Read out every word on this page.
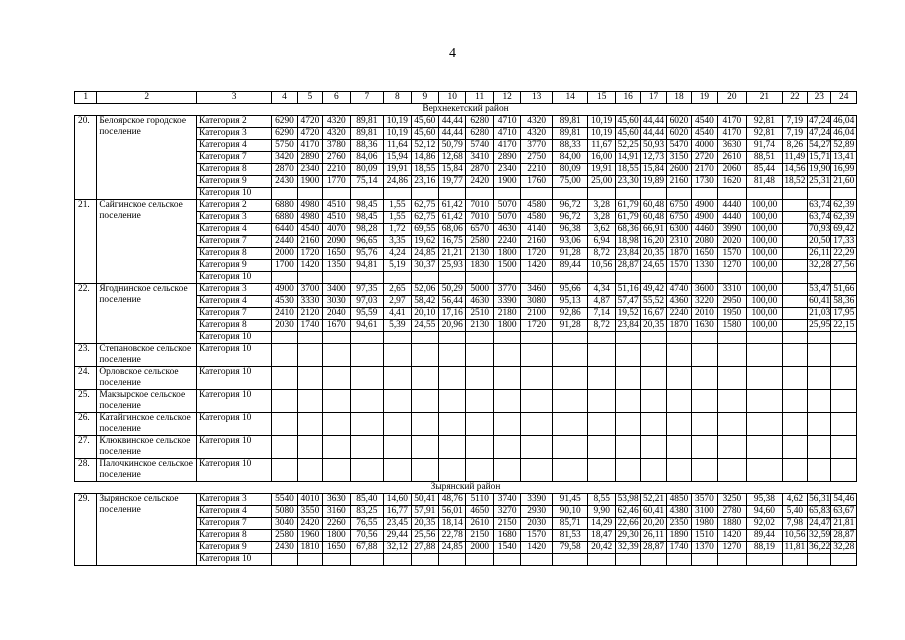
4
1	2	3	4	5	6	7	8	9	10	11	12	13	14	15	16	17	18	19	20	21	22	23	24
Верхнекетский район																							
20.	Белоярское городское поселение	Категория 2	6290	4720	4320	89,81	10,19	45,60	44,44	6280	4710	4320	89,81	10,19	45,60	44,44	6020	4540	4170	92,81	7,19	47,24	46,04
		Категория 3	6290	4720	4320	89,81	10,19	45,60	44,44	6280	4710	4320	89,81	10,19	45,60	44,44	6020	4540	4170	92,81	7,19	47,24	46,04
		Категория 4	5750	4170	3780	88,36	11,64	52,12	50,79	5740	4170	3770	88,33	11,67	52,25	50,93	5470	4000	3630	91,74	8,26	54,27	52,89
		Категория 7	3420	2890	2760	84,06	15,94	14,86	12,68	3410	2890	2750	84,00	16,00	14,91	12,73	3150	2720	2610	88,51	11,49	15,71	13,41
		Категория 8	2870	2340	2210	80,09	19,91	18,55	15,84	2870	2340	2210	80,09	19,91	18,55	15,84	2600	2170	2060	85,44	14,56	19,90	16,99
		Категория 9	2430	1900	1770	75,14	24,86	23,16	19,77	2420	1900	1760	75,00	25,00	23,30	19,89	2160	1730	1620	81,48	18,52	25,31	21,60
		Категория 10																					
21.	Сайгинское сельское поселение	Категория 2	6880	4980	4510	98,45	1,55	62,75	61,42	7010	5070	4580	96,72	3,28	61,79	60,48	6750	4900	4440	100,00		63,74	62,39
		Категория 3	6880	4980	4510	98,45	1,55	62,75	61,42	7010	5070	4580	96,72	3,28	61,79	60,48	6750	4900	4440	100,00		63,74	62,39
		Категория 4	6440	4540	4070	98,28	1,72	69,55	68,06	6570	4630	4140	96,38	3,62	68,36	66,91	6300	4460	3990	100,00		70,93	69,42
		Категория 7	2440	2160	2090	96,65	3,35	19,62	16,75	2580	2240	2160	93,06	6,94	18,98	16,20	2310	2080	2020	100,00		20,50	17,33
		Категория 8	2000	1720	1650	95,76	4,24	24,85	21,21	2130	1800	1720	91,28	8,72	23,84	20,35	1870	1650	1570	100,00		26,11	22,29
		Категория 9	1700	1420	1350	94,81	5,19	30,37	25,93	1830	1500	1420	89,44	10,56	28,87	24,65	1570	1330	1270	100,00		32,28	27,56
		Категория 10																					
22.	Ягоднинское сельское поселение	Категория 3	4900	3700	3400	97,35	2,65	52,06	50,29	5000	3770	3460	95,66	4,34	51,16	49,42	4740	3600	3310	100,00		53,47	51,66
		Категория 4	4530	3330	3030	97,03	2,97	58,42	56,44	4630	3390	3080	95,13	4,87	57,47	55,52	4360	3220	2950	100,00		60,41	58,36
		Категория 7	2410	2120	2040	95,59	4,41	20,10	17,16	2510	2180	2100	92,86	7,14	19,52	16,67	2240	2010	1950	100,00		21,03	17,95
		Категория 8	2030	1740	1670	94,61	5,39	24,55	20,96	2130	1800	1720	91,28	8,72	23,84	20,35	1870	1630	1580	100,00		25,95	22,15
		Категория 10																					
23.	Степановское сельское поселение	Категория 10																					
24.	Орловское сельское поселение	Категория 10																					
25.	Макзырское сельское поселение	Категория 10																					
26.	Катайгинское сельское поселение	Категория 10																					
27.	Клюквинское сельское поселение	Категория 10																					
28.	Палочкинское сельское поселение	Категория 10																					
Зырянский район																							
29.	Зырянское сельское поселение	Категория 3	5540	4010	3630	85,40	14,60	50,41	48,76	5110	3740	3390	91,45	8,55	53,98	52,21	4850	3570	3250	95,38	4,62	56,31	54,46
		Категория 4	5080	3550	3160	83,25	16,77	57,91	56,01	4650	3270	2930	90,10	9,90	62,46	60,41	4380	3100	2780	94,60	5,40	65,83	63,67
		Категория 7	3040	2420	2260	76,55	23,45	20,35	18,14	2610	2150	2030	85,71	14,29	22,66	20,20	2350	1980	1880	92,02	7,98	24,47	21,81
		Категория 8	2580	1960	1800	70,56	29,44	25,56	22,78	2150	1680	1570	81,53	18,47	29,30	26,11	1890	1510	1420	89,44	10,56	32,59	28,87
		Категория 9	2430	1810	1650	67,88	32,12	27,88	24,85	2000	1540	1420	79,58	20,42	32,39	28,87	1740	1370	1270	88,19	11,81	36,22	32,28
		Категория 10																					
